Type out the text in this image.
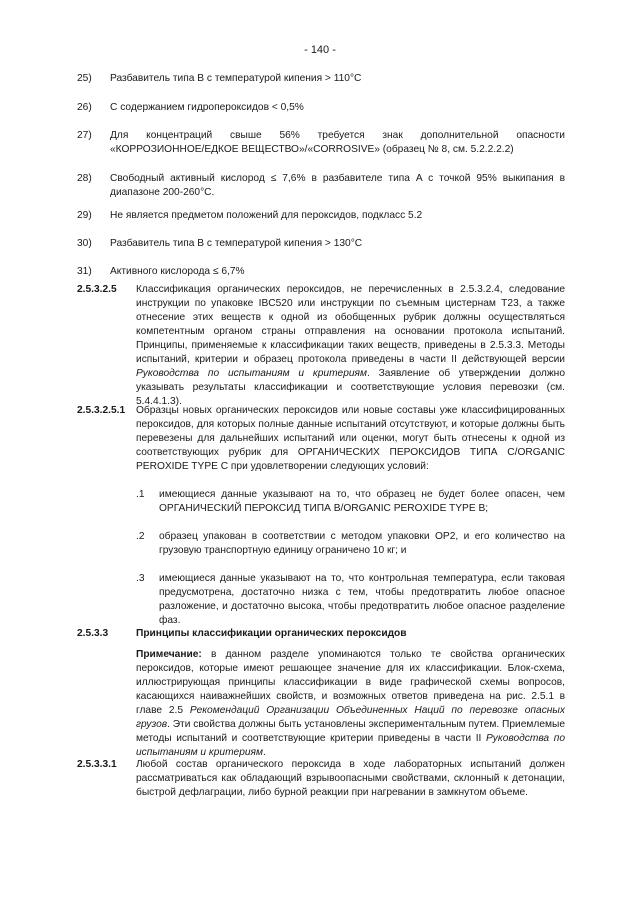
- 140 -
25)	Разбавитель типа B с температурой кипения > 110°C
26)	С содержанием гидропероксидов < 0,5%
27)	Для концентраций свыше 56% требуется знак дополнительной опасности
«КОРРОЗИОННОЕ/ЕДКОЕ ВЕЩЕСТВО»/«CORROSIVE» (образец № 8, см. 5.2.2.2.2)
28)	Свободный активный кислород ≤ 7,6% в разбавителе типа A с точкой 95% выкипания в диапазоне 200-260°C.
29)	Не является предметом положений для пероксидов, подкласс 5.2
30)	Разбавитель типа B с температурой кипения > 130°C
31)	Активного кислорода ≤ 6,7%
2.5.3.2.5 Классификация органических пероксидов, не перечисленных в 2.5.3.2.4, следование инструкции по упаковке IBC520 или инструкции по съемным цистернам T23, а также отнесение этих веществ к одной из обобщенных рубрик должны осуществляться компетентным органом страны отправления на основании протокола испытаний. Принципы, применяемые к классификации таких веществ, приведены в 2.5.3.3. Методы испытаний, критерии и образец протокола приведены в части II действующей версии Руководства по испытаниям и критериям. Заявление об утверждении должно указывать результаты классификации и соответствующие условия перевозки (см. 5.4.4.1.3).
2.5.3.2.5.1 Образцы новых органических пероксидов или новые составы уже классифицированных пероксидов, для которых полные данные испытаний отсутствуют, и которые должны быть перевезены для дальнейших испытаний или оценки, могут быть отнесены к одной из соответствующих рубрик для ОРГАНИЧЕСКИХ ПЕРОКСИДОВ ТИПА C/ORGANIC PEROXIDE TYPE C при удовлетворении следующих условий:
.1 имеющиеся данные указывают на то, что образец не будет более опасен, чем ОРГАНИЧЕСКИЙ ПЕРОКСИД ТИПА B/ORGANIC PEROXIDE TYPE B;
.2 образец упакован в соответствии с методом упаковки OP2, и его количество на грузовую транспортную единицу ограничено 10 кг; и
.3 имеющиеся данные указывают на то, что контрольная температура, если таковая предусмотрена, достаточно низка с тем, чтобы предотвратить любое опасное разложение, и достаточно высока, чтобы предотвратить любое опасное разделение фаз.
2.5.3.3	Принципы классификации органических пероксидов
Примечание: в данном разделе упоминаются только те свойства органических пероксидов, которые имеют решающее значение для их классификации. Блок-схема, иллюстрирующая принципы классификации в виде графической схемы вопросов, касающихся наиважнейших свойств, и возможных ответов приведена на рис. 2.5.1 в главе 2.5 Рекомендаций Организации Объединенных Наций по перевозке опасных грузов. Эти свойства должны быть установлены экспериментальным путем. Приемлемые методы испытаний и соответствующие критерии приведены в части II Руководства по испытаниям и критериям.
2.5.3.3.1 Любой состав органического пероксида в ходе лабораторных испытаний должен рассматриваться как обладающий взрывоопасными свойствами, склонный к детонации, быстрой дефлаграции, либо бурной реакции при нагревании в замкнутом объеме.
